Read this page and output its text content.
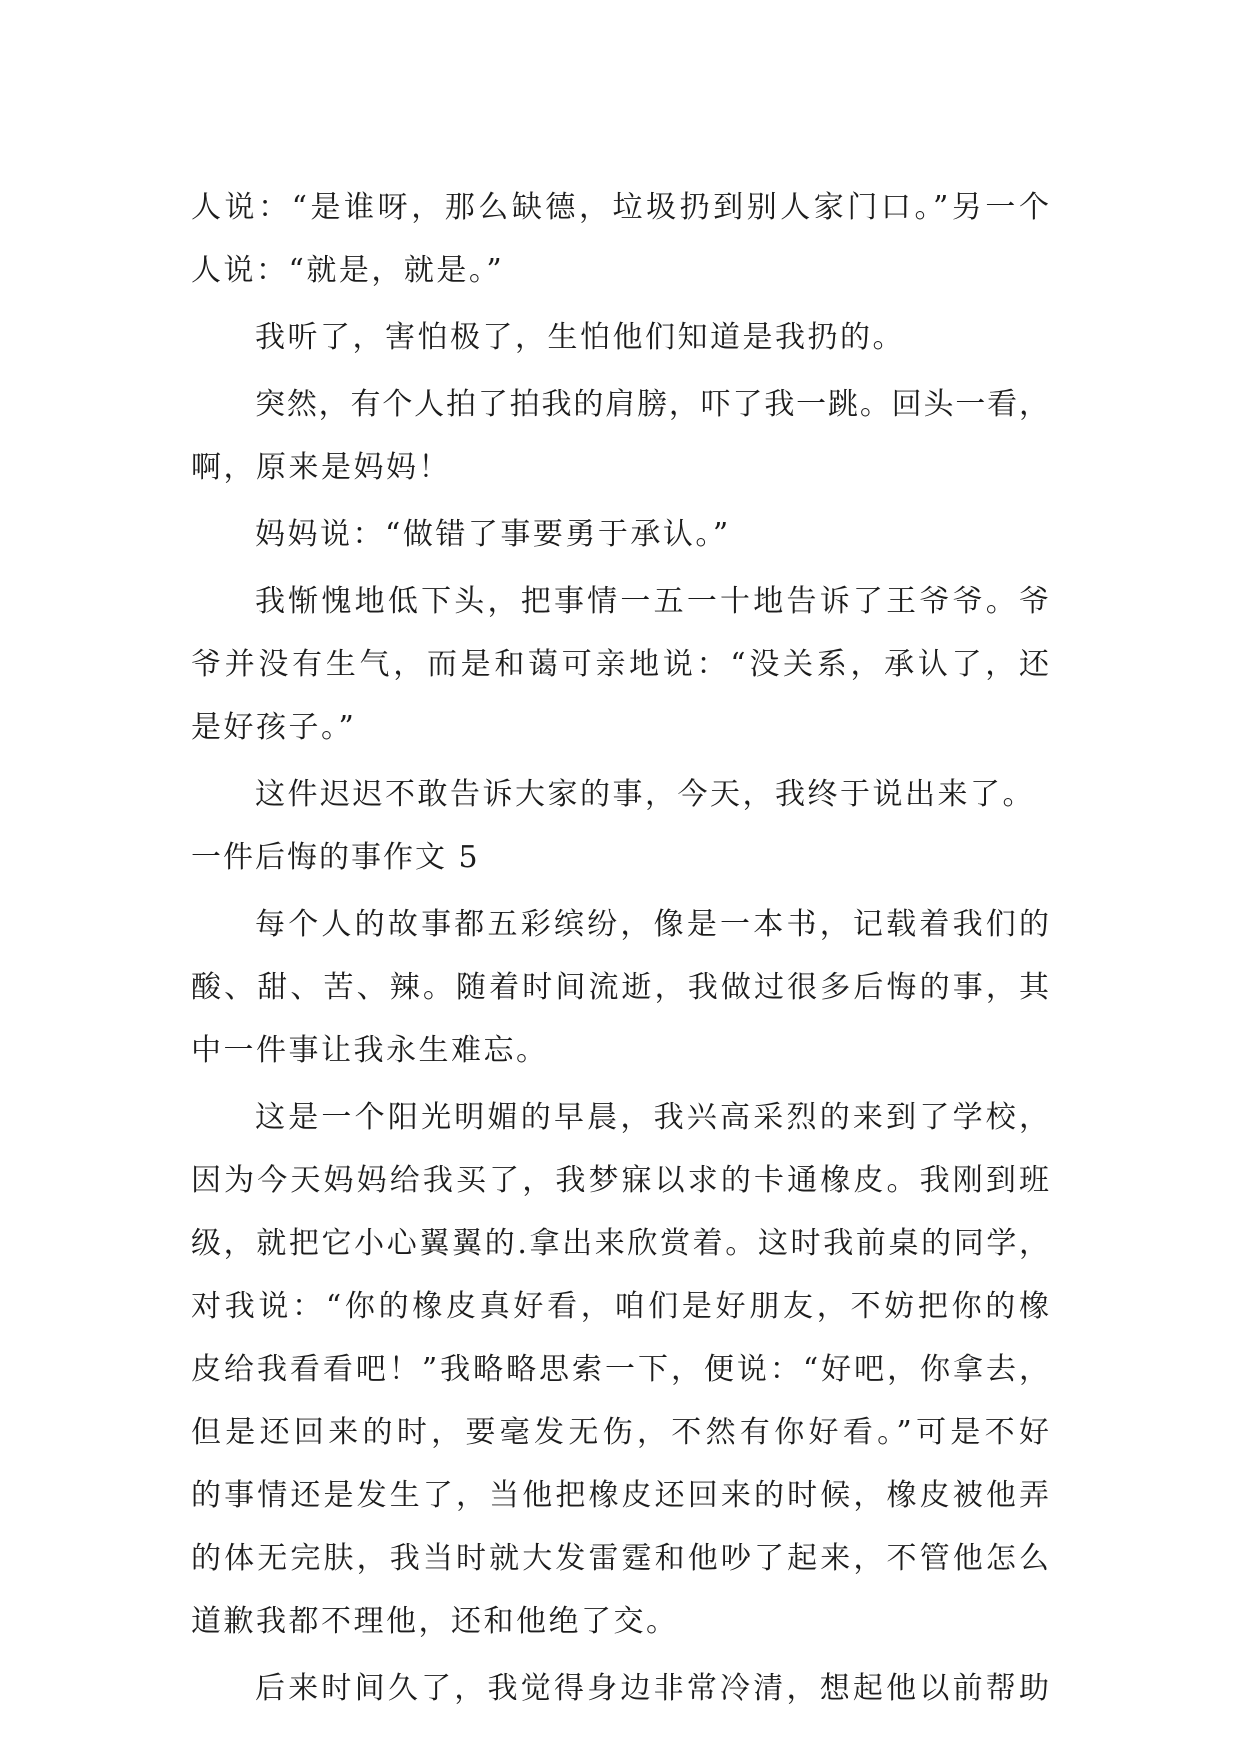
人说：“是谁呀，那么缺德，垃圾扔到别人家门口。”另一个
人说：“就是，就是。”
我听了，害怕极了，生怕他们知道是我扔的。
突然，有个人拍了拍我的肩膀，吓了我一跳。回头一看，
啊，原来是妈妈！
妈妈说：“做错了事要勇于承认。”
我惭愧地低下头，把事情一五一十地告诉了王爷爷。爷
爷并没有生气，而是和蔼可亲地说：“没关系，承认了，还
是好孩子。”
这件迟迟不敢告诉大家的事，今天，我终于说出来了。
一件后悔的事作文 5
每个人的故事都五彩缤纷，像是一本书，记载着我们的
酸、甜、苦、辣。随着时间流逝，我做过很多后悔的事，其
中一件事让我永生难忘。
这是一个阳光明媚的早晨，我兴高采烈的来到了学校，
因为今天妈妈给我买了，我梦寐以求的卡通橡皮。我刚到班
级，就把它小心翼翼的.拿出来欣赏着。这时我前桌的同学，
对我说：“你的橡皮真好看，咱们是好朋友，不妨把你的橡
皮给我看看吧！”我略略思索一下，便说：“好吧，你拿去，
但是还回来的时，要毫发无伤，不然有你好看。”可是不好
的事情还是发生了，当他把橡皮还回来的时候，橡皮被他弄
的体无完肤，我当时就大发雷霆和他吵了起来，不管他怎么
道歉我都不理他，还和他绝了交。
后来时间久了，我觉得身边非常冷清，想起他以前帮助
